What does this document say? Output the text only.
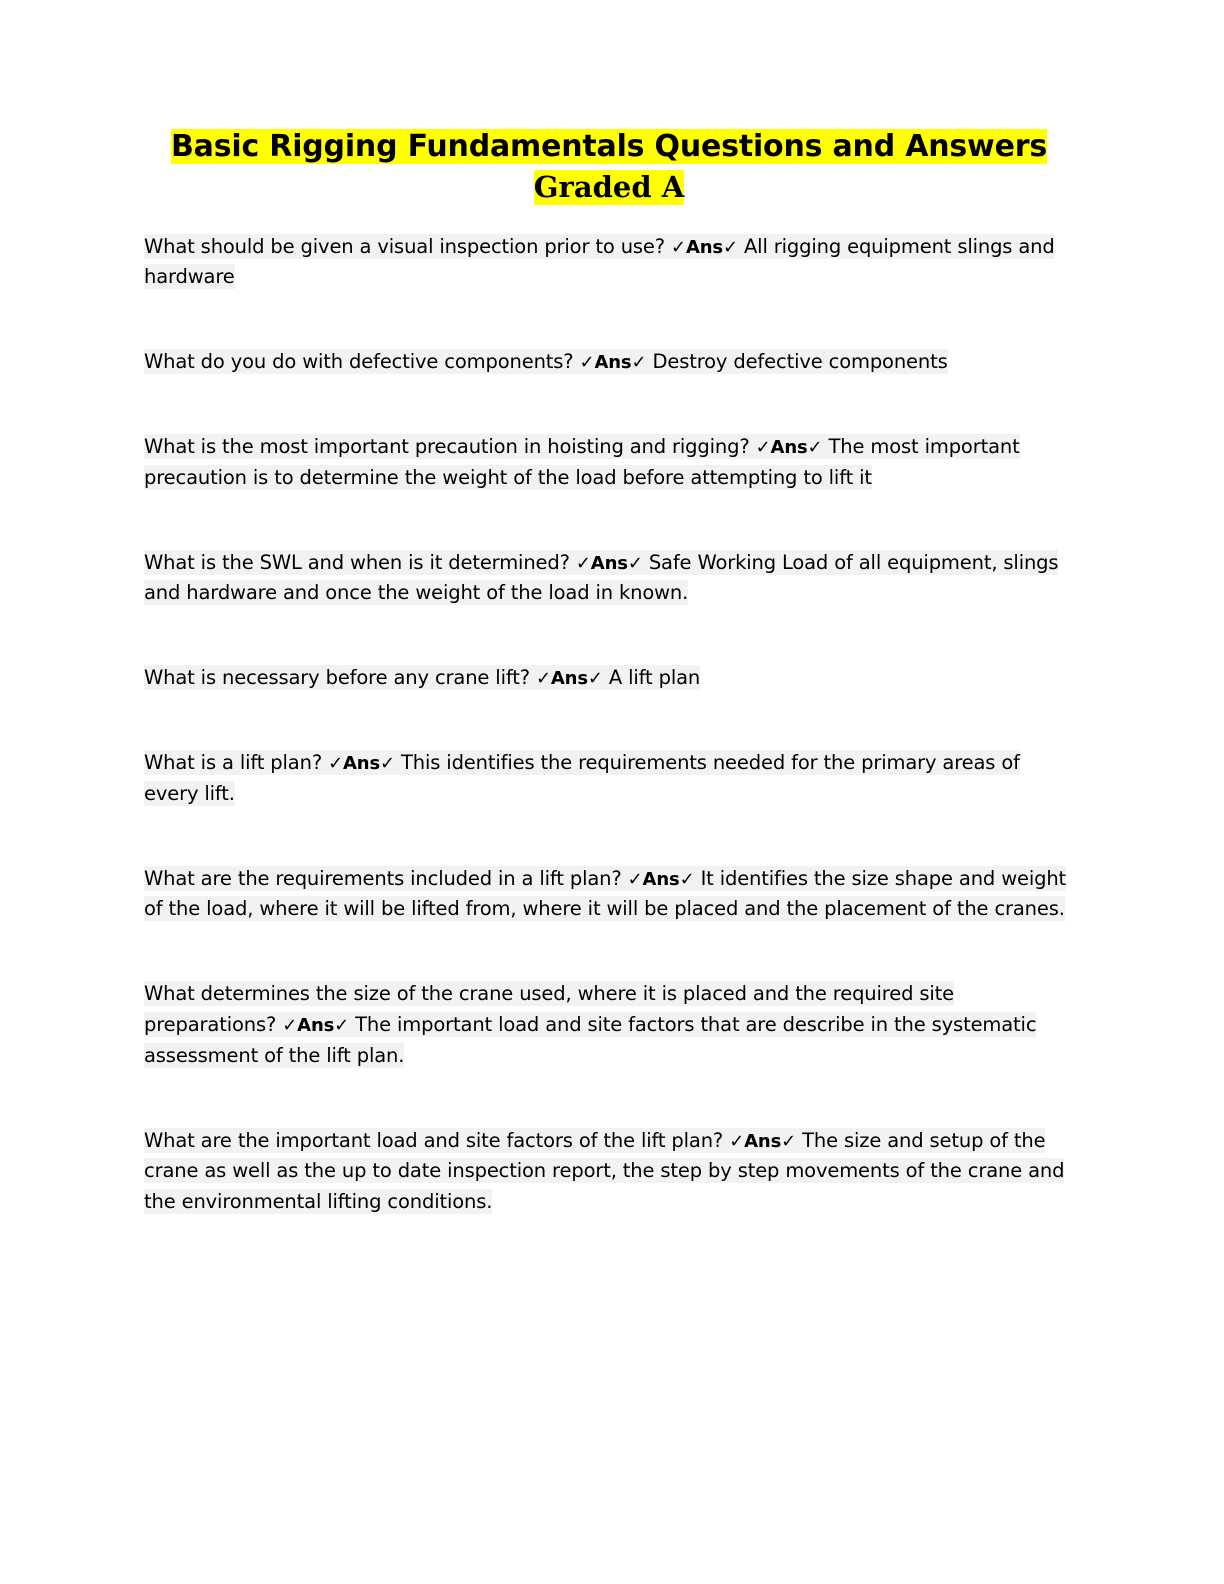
Basic Rigging Fundamentals Questions and Answers
Graded A

What should be given a visual inspection prior to use? ✓Ans✓ All rigging equipment slings and hardware

What do you do with defective components? ✓Ans✓ Destroy defective components

What is the most important precaution in hoisting and rigging? ✓Ans✓ The most important precaution is to determine the weight of the load before attempting to lift it

What is the SWL and when is it determined? ✓Ans✓ Safe Working Load of all equipment, slings and hardware and once the weight of the load in known.

What is necessary before any crane lift? ✓Ans✓ A lift plan

What is a lift plan? ✓Ans✓ This identifies the requirements needed for the primary areas of every lift.

What are the requirements included in a lift plan? ✓Ans✓ It identifies the size shape and weight of the load, where it will be lifted from, where it will be placed and the placement of the cranes.

What determines the size of the crane used, where it is placed and the required site preparations? ✓Ans✓ The important load and site factors that are describe in the systematic assessment of the lift plan.

What are the important load and site factors of the lift plan? ✓Ans✓ The size and setup of the crane as well as the up to date inspection report, the step by step movements of the crane and the environmental lifting conditions.
